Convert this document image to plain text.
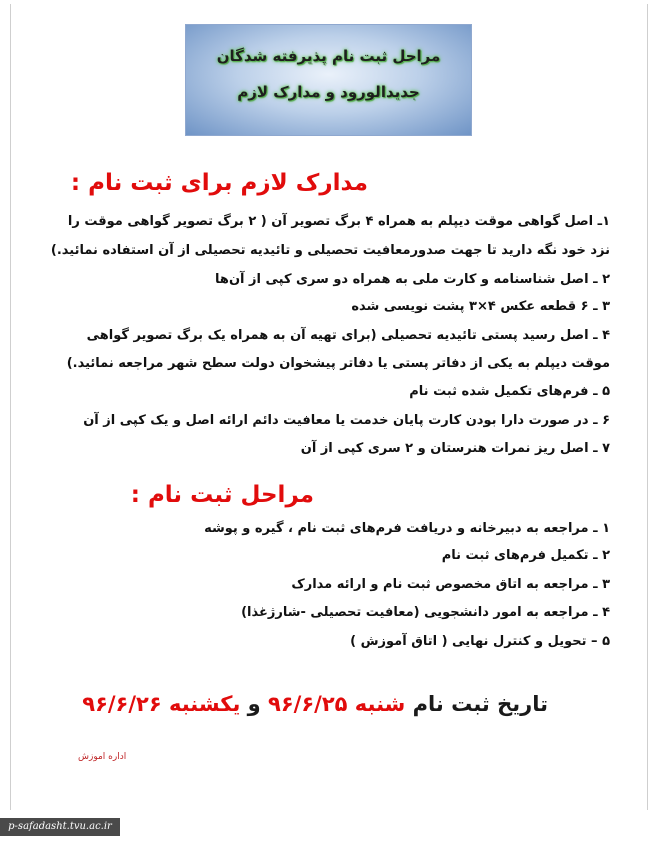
مراحل ثبت نام پذیرفته شدگان
جدیدالورود و مدارک لازم
مدارک لازم برای ثبت نام :
۱ـ اصل گواهی موقت دیپلم به همراه ۴ برگ تصویر آن ( ۲ برگ تصویر گواهی موقت را
نزد خود نگه دارید تا جهت صدورمعافیت تحصیلی و تائیدیه تحصیلی از آن استفاده نمائید.)
۲ ـ اصل شناسنامه و کارت ملی به همراه دو سری کپی از آن‌ها
۳ ـ ۶ قطعه عکس ۴×۳ پشت نویسی شده
۴ ـ اصل رسید پستی تائیدیه تحصیلی (برای تهیه آن به همراه یک برگ تصویر گواهی
موقت دیپلم به یکی از دفاتر پستی یا دفاتر پیشخوان دولت سطح شهر مراجعه نمائید.)
۵ ـ فرم‌های تکمیل شده ثبت نام
۶ ـ در صورت دارا بودن کارت پایان خدمت یا معافیت دائم ارائه اصل و یک کپی از آن
۷ ـ اصل ریز نمرات هنرستان و ۲ سری کپی از آن
مراحل ثبت نام :
۱ ـ مراجعه به دبیرخانه و دریافت فرم‌های ثبت نام ، گیره و پوشه
۲ ـ تکمیل فرم‌های ثبت نام
۳ ـ مراجعه به اتاق مخصوص ثبت نام و ارائه مدارک
۴ ـ مراجعه به امور دانشجویی (معافیت تحصیلی -شارژغذا)
۵ – تحویل و کنترل نهایی ( اتاق آموزش )
تاریخ ثبت نام شنبه ۹۶/۶/۲۵ و یکشنبه ۹۶/۶/۲۶
اداره اموزش
p-safadasht.tvu.ac.ir
